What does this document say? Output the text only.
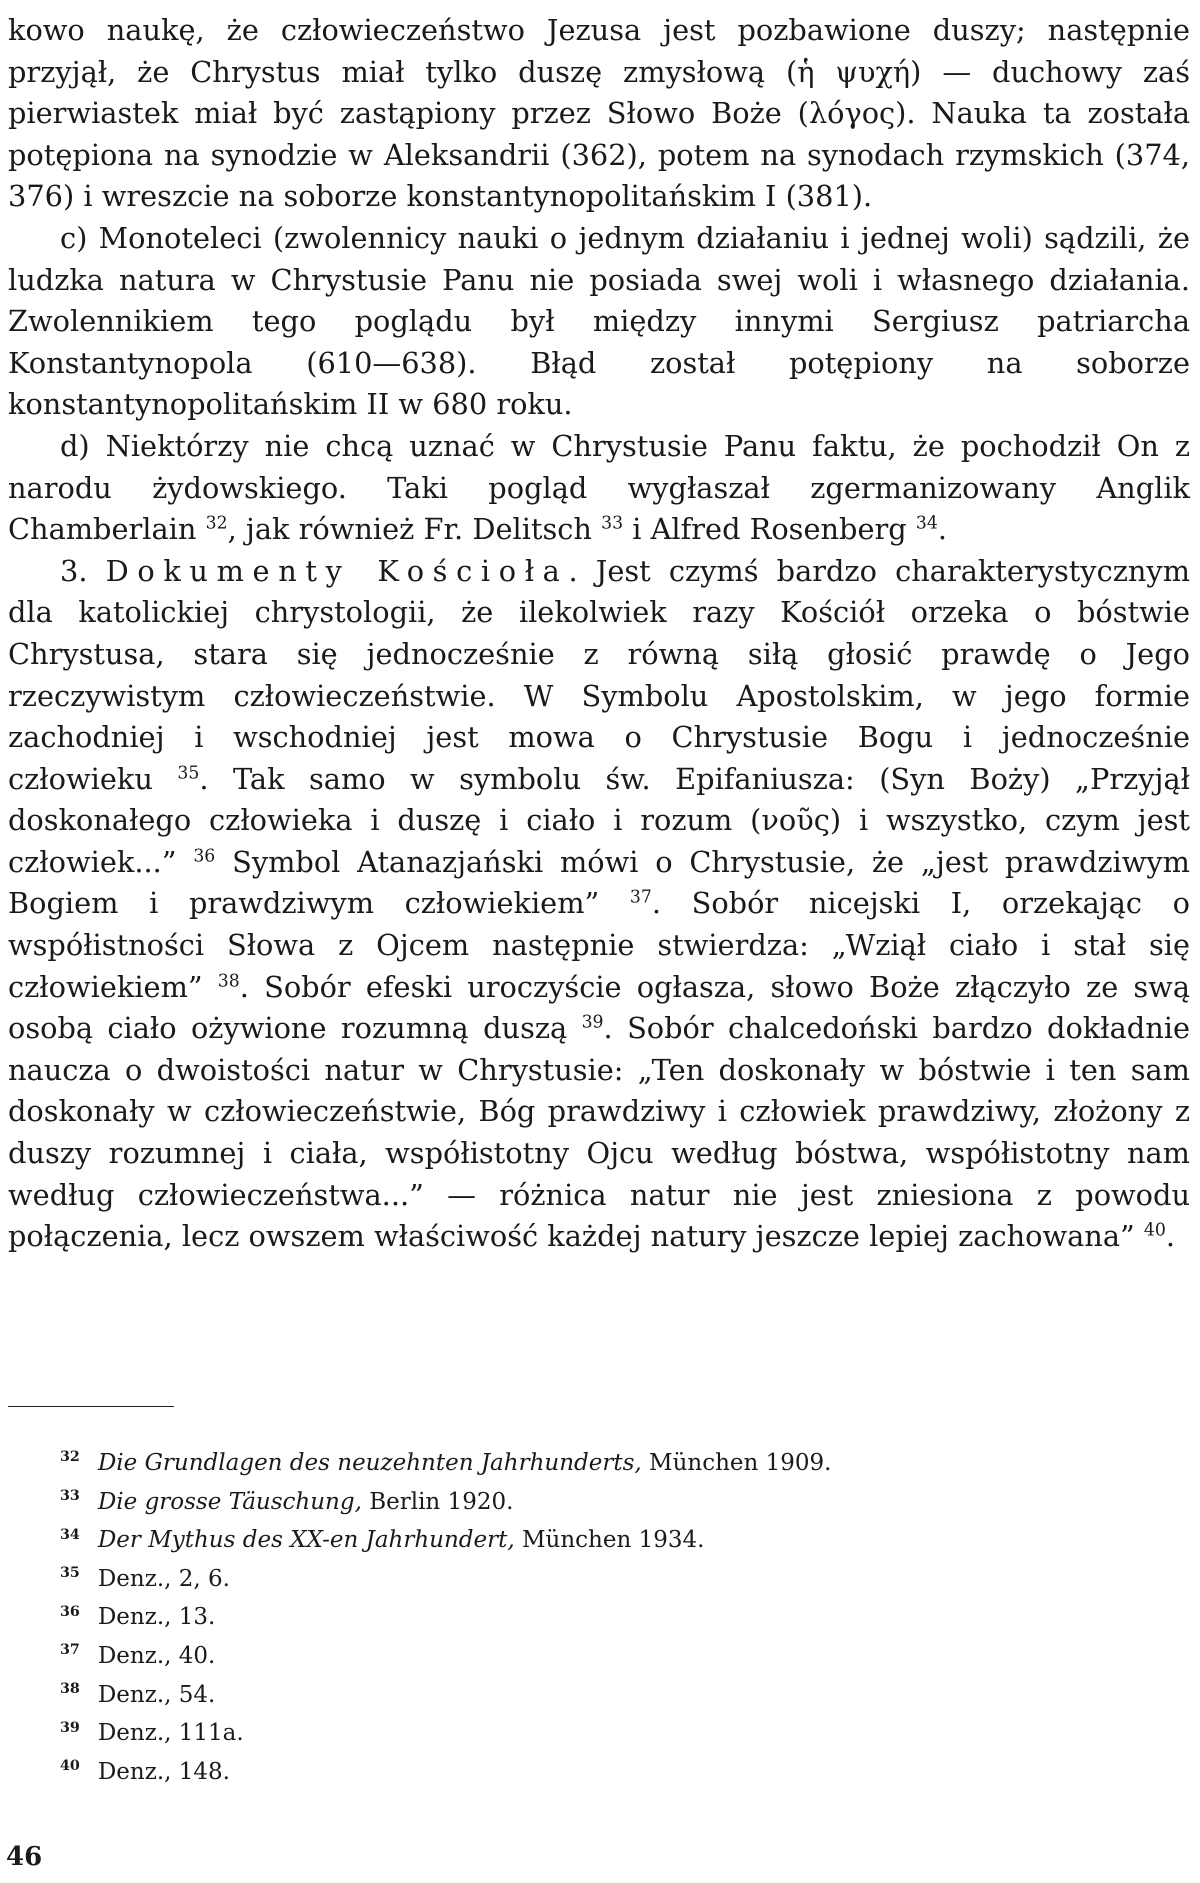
kowo naukę, że człowieczeństwo Jezusa jest pozbawione duszy; następnie przyjął, że Chrystus miał tylko duszę zmysłową (ἡ ψυχή) — duchowy zaś pierwiastek miał być zastąpiony przez Słowo Boże (λόγος). Nauka ta została potępiona na synodzie w Aleksandrii (362), potem na synodach rzymskich (374, 376) i wreszcie na soborze konstantynopolitańskim I (381).

c) Monoteleci (zwolennicy nauki o jednym działaniu i jednej woli) sądzili, że ludzka natura w Chrystusie Panu nie posiada swej woli i własnego działania. Zwolennikiem tego poglądu był między innymi Sergiusz patriarcha Konstantynopola (610—638). Błąd został potępiony na soborze konstantynopolitańskim II w 680 roku.

d) Niektórzy nie chcą uznać w Chrystusie Panu faktu, że pochodził On z narodu żydowskiego. Taki pogląd wygłaszał zgermanizowany Anglik Chamberlain $^{32}$, jak również Fr. Delitsch $^{33}$ i Alfred Rosenberg $^{34}$.

3. Dokumenty Kościoła. Jest czymś bardzo charakterystycznym dla katolickiej chrystologii, że ilekolwiek razy Kościół orzeka o bóstwie Chrystusa, stara się jednocześnie z równą siłą głosić prawdę o Jego rzeczywistym człowieczeństwie. W Symbolu Apostolskim, w jego formie zachodniej i wschodniej jest mowa o Chrystusie Bogu i jednocześnie człowieku $^{35}$. Tak samo w symbolu św. Epifaniusza: (Syn Boży) „Przyjął doskonałego człowieka i duszę i ciało i rozum (νοῦς) i wszystko, czym jest człowiek...” $^{36}$ Symbol Atanazjański mówi o Chrystusie, że „jest prawdziwym Bogiem i prawdziwym człowiekiem” $^{37}$. Sobór nicejski I, orzekając o współistności Słowa z Ojcem następnie stwierdza: „Wziął ciało i stał się człowiekiem” $^{38}$. Sobór efeski uroczyście ogłasza, słowo Boże złączyło ze swą osobą ciało ożywione rozumną duszą $^{39}$. Sobór chalcedoński bardzo dokładnie naucza o dwoistości natur w Chrystusie: „Ten doskonały w bóstwie i ten sam doskonały w człowieczeństwie, Bóg prawdziwy i człowiek prawdziwy, złożony z duszy rozumnej i ciała, współistotny Ojcu według bóstwa, współistotny nam według człowieczeństwa...” — różnica natur nie jest zniesiona z powodu połączenia, lecz owszem właściwość każdej natury jeszcze lepiej zachowana” $^{40}$.

$^{32}$ Die Grundlagen des neuzehnten Jahrhunderts, München 1909.
$^{33}$ Die grosse Täuschung, Berlin 1920.
$^{34}$ Der Mythus des XX-en Jahrhundert, München 1934.
$^{35}$ Denz., 2, 6.
$^{36}$ Denz., 13.
$^{37}$ Denz., 40.
$^{38}$ Denz., 54.
$^{39}$ Denz., 111a.
$^{40}$ Denz., 148.
46
